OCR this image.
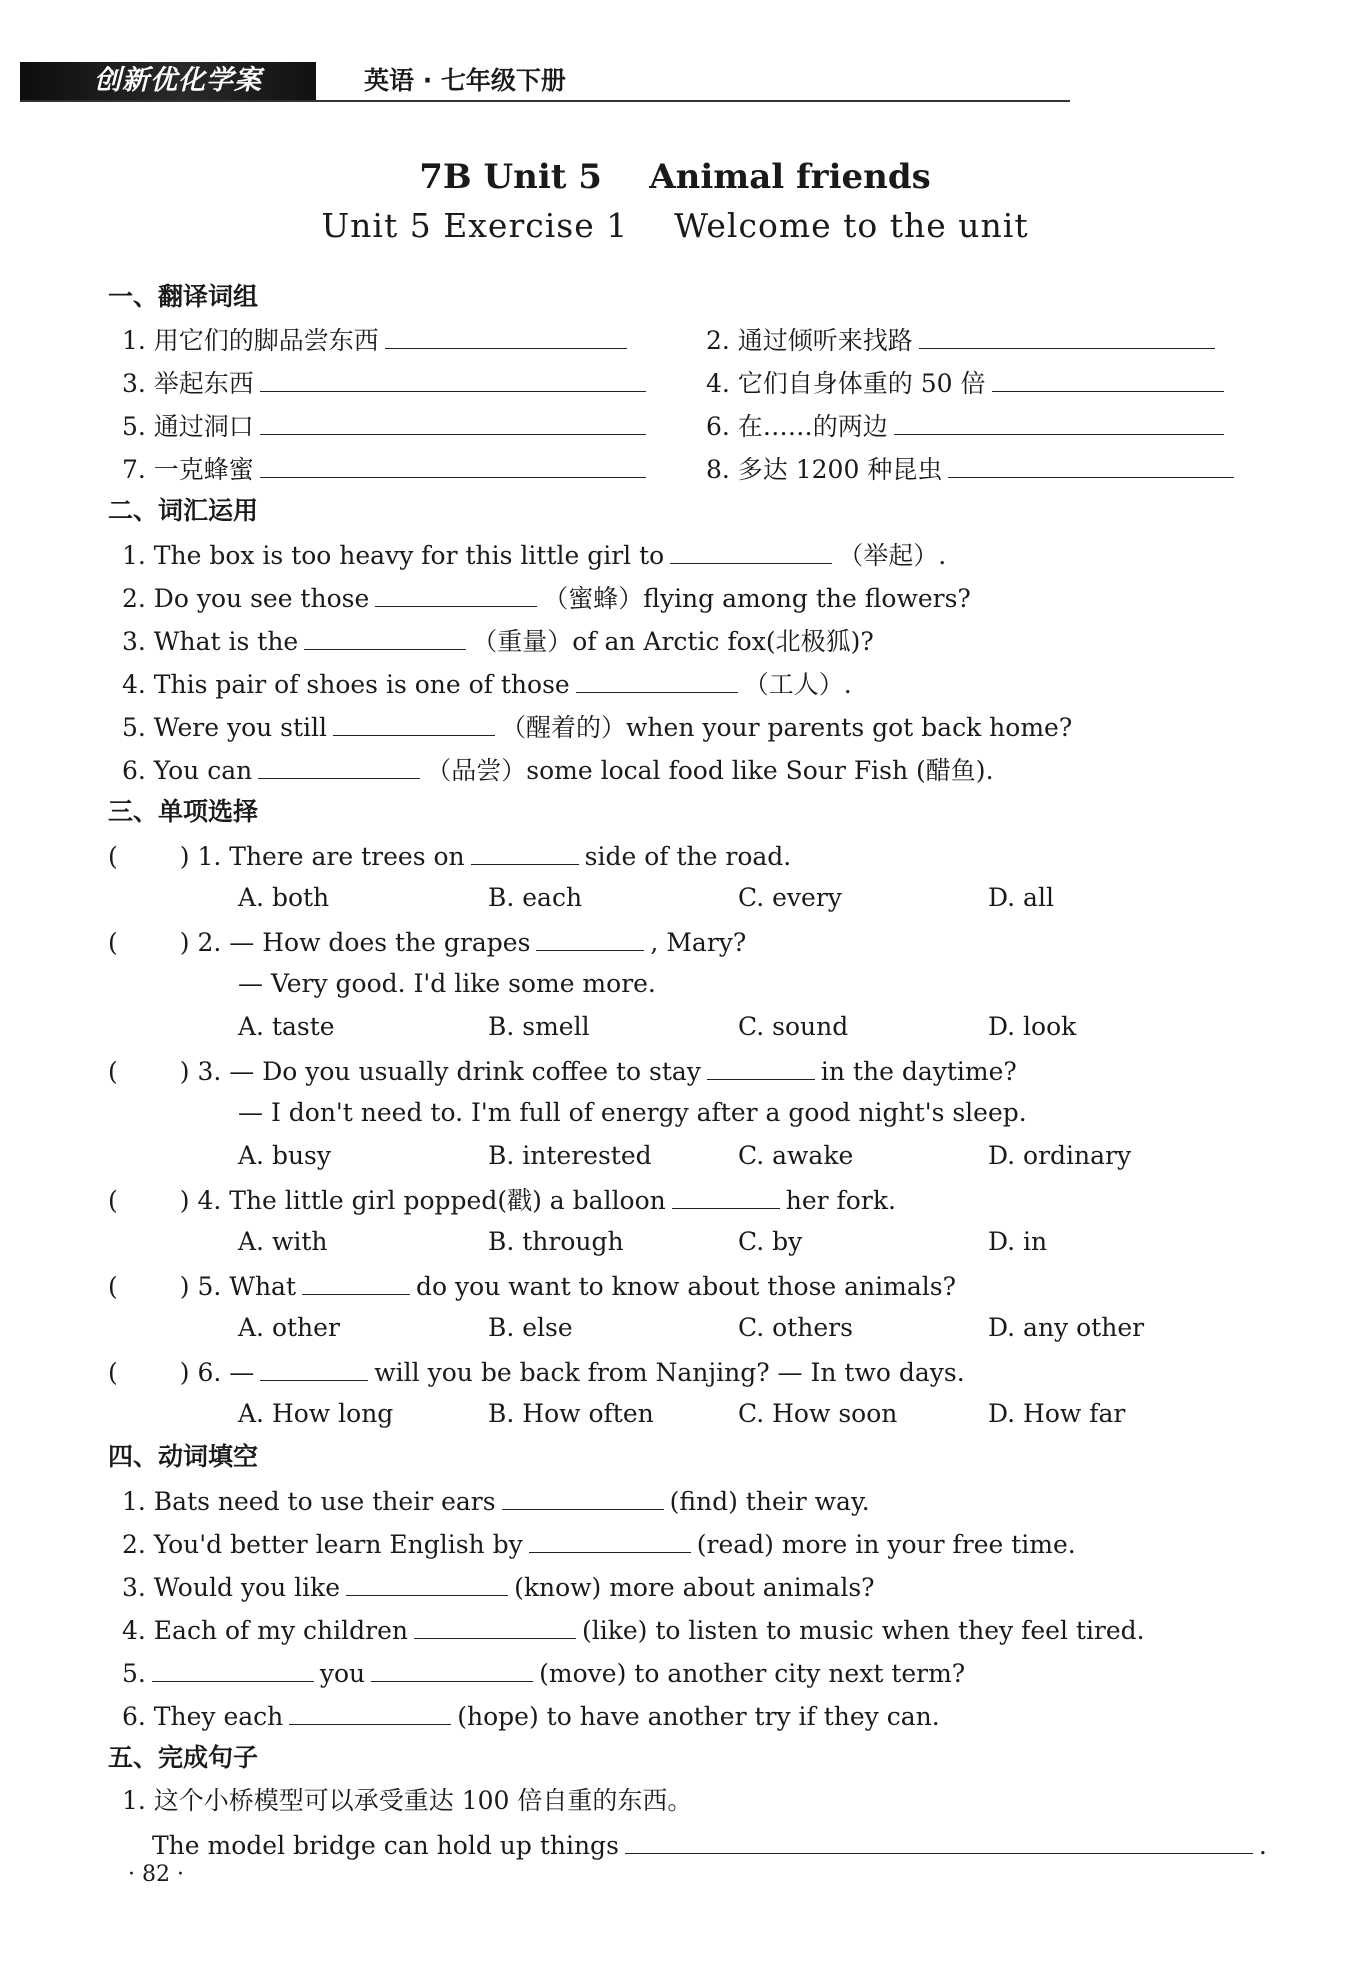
创新优化学案	英语 · 七年级下册
7B Unit 5    Animal friends
Unit 5 Exercise 1    Welcome to the unit
一、翻译词组
1. 用它们的脚品尝东西	2. 通过倾听来找路
3. 举起东西	4. 它们自身体重的 50 倍
5. 通过洞口	6. 在……的两边
7. 一克蜂蜜	8. 多达 1200 种昆虫
二、词汇运用
1. The box is too heavy for this little girl to	（举起）.
2. Do you see those	（蜜蜂）flying among the flowers?
3. What is the	（重量）of an Arctic fox(北极狐)?
4. This pair of shoes is one of those	（工人）.
5. Were you still	（醒着的）when your parents got back home?
6. You can	（品尝）some local food like Sour Fish (醋鱼).
三、单项选择
( ) 1. There are trees on	side of the road.
A. both	B. each	C. every	D. all
( ) 2. — How does the grapes	, Mary?
— Very good. I'd like some more.
A. taste	B. smell	C. sound	D. look
( ) 3. — Do you usually drink coffee to stay	in the daytime?
— I don't need to. I'm full of energy after a good night's sleep.
A. busy	B. interested	C. awake	D. ordinary
( ) 4. The little girl popped(戳) a balloon	her fork.
A. with	B. through	C. by	D. in
( ) 5. What	do you want to know about those animals?
A. other	B. else	C. others	D. any other
( ) 6. —	will you be back from Nanjing? — In two days.
A. How long	B. How often	C. How soon	D. How far
四、动词填空
1. Bats need to use their ears	(find) their way.
2. You'd better learn English by	(read) more in your free time.
3. Would you like	(know) more about animals?
4. Each of my children	(like) to listen to music when they feel tired.
5.	you	(move) to another city next term?
6. They each	(hope) to have another try if they can.
五、完成句子
1. 这个小桥模型可以承受重达 100 倍自重的东西。
The model bridge can hold up things	.
· 82 ·
